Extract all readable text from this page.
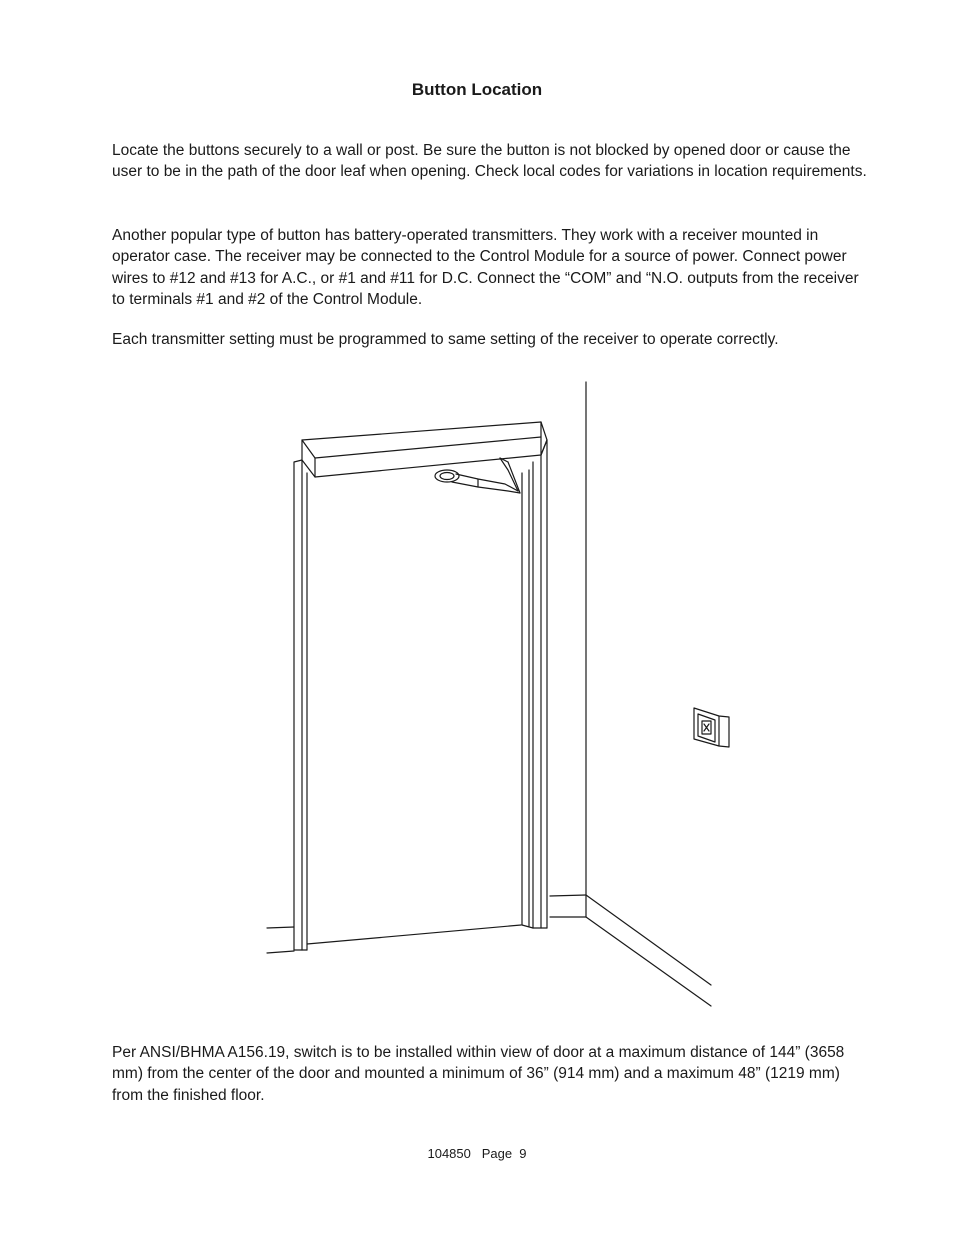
Button Location

Locate the buttons securely to a wall or post. Be sure the button is not blocked by opened door or cause the user to be in the path of the door leaf when opening. Check local codes for variations in location requirements.

Another popular type of button has battery-operated transmitters. They work with a receiver mounted in operator case. The receiver may be connected to the Control Module for a source of power. Connect power wires to #12 and #13 for A.C., or #1 and #11 for D.C. Connect the “COM” and “N.O. outputs from the receiver to terminals #1 and #2 of the Control Module.

Each transmitter setting must be programmed to same setting of the receiver to operate correctly.

Per ANSI/BHMA A156.19, switch is to be installed within view of door at a maximum distance of 144” (3658 mm) from the center of the door and mounted a minimum of 36” (914 mm) and a maximum 48” (1219 mm) from the finished floor.

104850   Page  9
